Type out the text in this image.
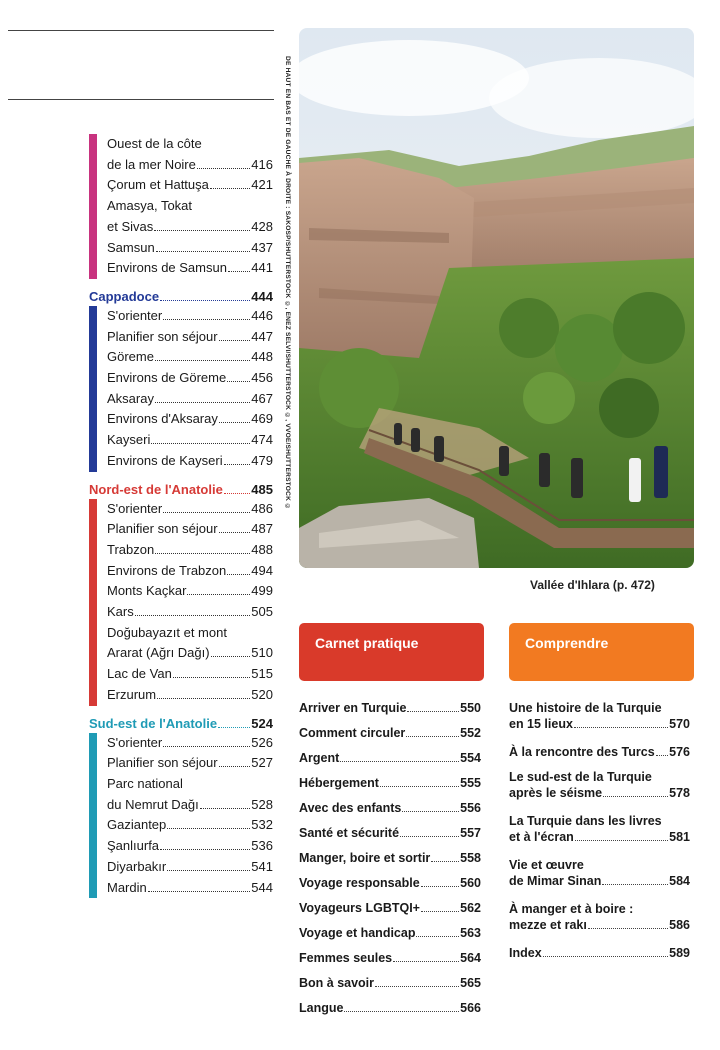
Ouest de la côte
de la mer Noire	416
Çorum et Hattuşa	421
Amasya, Tokat
et Sivas	428
Samsun	437
Environs de Samsun 441
Cappadoce	444
S'orienter	446
Planifier son séjour	447
Göreme	448
Environs de Göreme 456
Aksaray	467
Environs d'Aksaray	469
Kayseri	474
Environs de Kayseri 479
Nord-est de l'Anatolie 485
S'orienter	486
Planifier son séjour	487
Trabzon	488
Environs de Trabzon 494
Monts Kaçkar	499
Kars	505
Doğubayazıt et mont
Ararat (Ağrı Dağı)	510
Lac de Van	515
Erzurum	520
Sud-est de l'Anatolie	524
S'orienter	526
Planifier son séjour	527
Parc national
du Nemrut Dağı	528
Gaziantep	532
Şanlıurfa	536
Diyarbakır	541
Mardin	544
DE HAUT EN BAS ET DE GAUCHE À DROITE : SAKOSP/SHUTTERSTOCK ©, ENEZ SELVI/SHUTTERSTOCK ©, VVOE/SHUTTERSTOCK ©
Vallée d'Ihlara (p. 472)
Carnet pratique	Comprendre
Arriver en Turquie	550
Comment circuler	552
Argent	554
Hébergement	555
Avec des enfants	556
Santé et sécurité	557
Manger, boire et sortir 558
Voyage responsable	560
Voyageurs LGBTQI+	562
Voyage et handicap	563
Femmes seules	564
Bon à savoir	565
Langue	566
Une histoire de la Turquie
en 15 lieux	570
À la rencontre des Turcs 576
Le sud-est de la Turquie
après le séisme	578
La Turquie dans les livres
et à l'écran	581
Vie et œuvre
de Mimar Sinan	584
À manger et à boire :
mezze et rakı	586
Index	589
